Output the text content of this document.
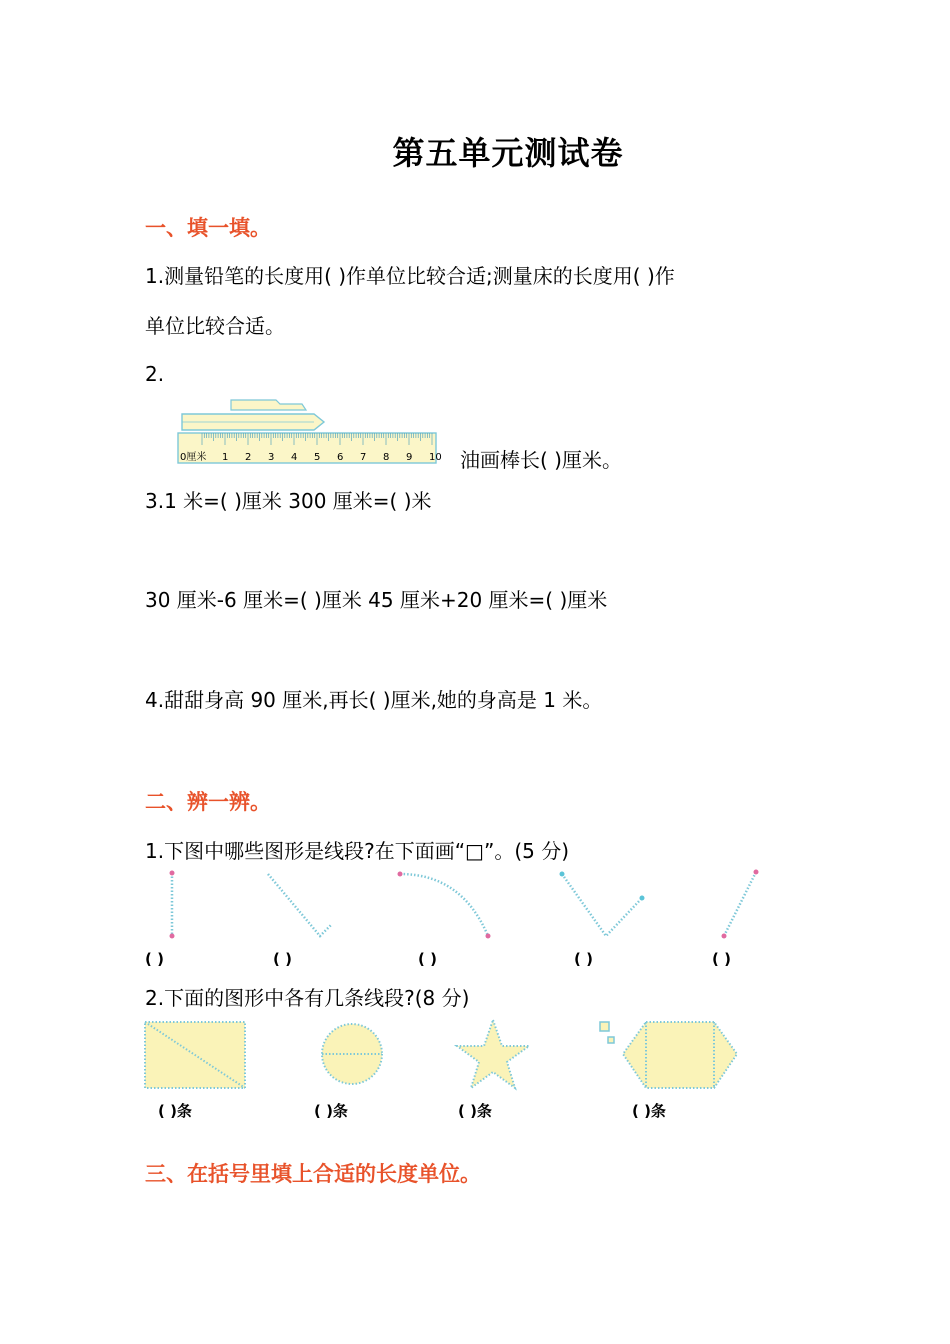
第五单元测试卷
一、填一填。
1.测量铅笔的长度用( )作单位比较合适;测量床的长度用( )作
单位比较合适。
2.
0厘米 1 2 3 4 5 6 7 8 9 10 油画棒长( )厘米。
3.1 米=( )厘米 300 厘米=( )米
30 厘米-6 厘米=( )厘米 45 厘米+20 厘米=( )厘米
4.甜甜身高 90 厘米,再长( )厘米,她的身高是 1 米。
二、辨一辨。
1.下图中哪些图形是线段?在下面画“□”。(5 分)
( )	( )	( )	( )	( )
2.下面的图形中各有几条线段?(8 分)
( )条	( )条	( )条	( )条
三、在括号里填上合适的长度单位。
